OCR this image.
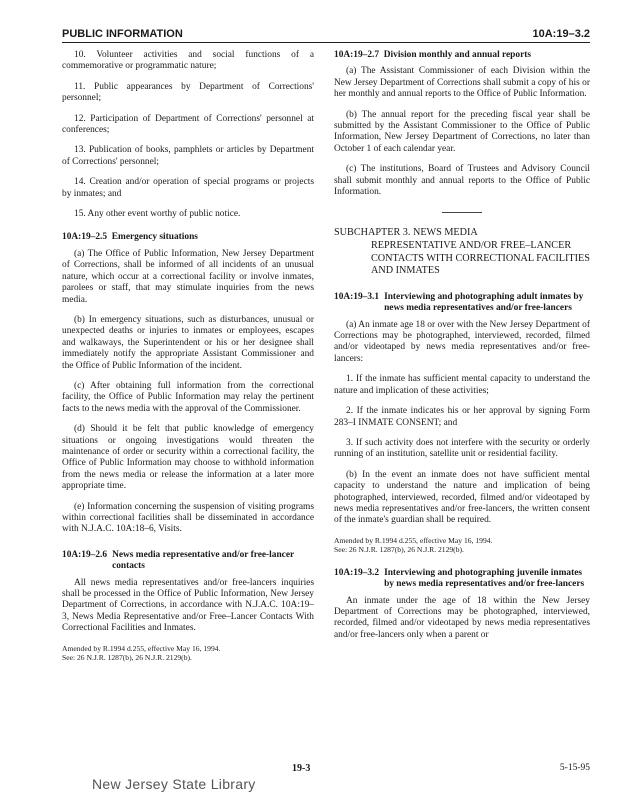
PUBLIC INFORMATION	10A:19–3.2

10. Volunteer activities and social functions of a commemorative or programmatic nature;

11. Public appearances by Department of Corrections' personnel;

12. Participation of Department of Corrections' personnel at conferences;

13. Publication of books, pamphlets or articles by Department of Corrections' personnel;

14. Creation and/or operation of special programs or projects by inmates; and

15. Any other event worthy of public notice.

10A:19–2.5 Emergency situations

(a) The Office of Public Information, New Jersey Department of Corrections, shall be informed of all incidents of an unusual nature, which occur at a correctional facility or involve inmates, parolees or staff, that may stimulate inquiries from the news media.

(b) In emergency situations, such as disturbances, unusual or unexpected deaths or injuries to inmates or employees, escapes and walkaways, the Superintendent or his or her designee shall immediately notify the appropriate Assistant Commissioner and the Office of Public Information of the incident.

(c) After obtaining full information from the correctional facility, the Office of Public Information may relay the pertinent facts to the news media with the approval of the Commissioner.

(d) Should it be felt that public knowledge of emergency situations or ongoing investigations would threaten the maintenance of order or security within a correctional facility, the Office of Public Information may choose to withhold information from the news media or release the information at a later more appropriate time.

(e) Information concerning the suspension of visiting programs within correctional facilities shall be disseminated in accordance with N.J.A.C. 10A:18–6, Visits.

10A:19–2.6 News media representative and/or free-lancer contacts

All news media representatives and/or free-lancers inquiries shall be processed in the Office of Public Information, New Jersey Department of Corrections, in accordance with N.J.A.C. 10A:19–3, News Media Representative and/or Free–Lancer Contacts With Correctional Facilities and Inmates.

Amended by R.1994 d.255, effective May 16, 1994.

See: 26 N.J.R. 1287(b), 26 N.J.R. 2129(b).

10A:19–2.7 Division monthly and annual reports

(a) The Assistant Commissioner of each Division within the New Jersey Department of Corrections shall submit a copy of his or her monthly and annual reports to the Office of Public Information.

(b) The annual report for the preceding fiscal year shall be submitted by the Assistant Commissioner to the Office of Public Information, New Jersey Department of Corrections, no later than October 1 of each calendar year.

(c) The institutions, Board of Trustees and Advisory Council shall submit monthly and annual reports to the Office of Public Information.

SUBCHAPTER 3. NEWS MEDIA
REPRESENTATIVE AND/OR FREE–LANCER CONTACTS WITH CORRECTIONAL FACILITIES AND INMATES
10A:19–3.1 Interviewing and photographing adult inmates by news media representatives and/or free-lancers

(a) An inmate age 18 or over with the New Jersey Department of Corrections may be photographed, interviewed, recorded, filmed and/or videotaped by news media representatives and/or free-lancers:

1. If the inmate has sufficient mental capacity to understand the nature and implication of these activities;

2. If the inmate indicates his or her approval by signing Form 283–I INMATE CONSENT; and

3. If such activity does not interfere with the security or orderly running of an institution, satellite unit or residential facility.

(b) In the event an inmate does not have sufficient mental capacity to understand the nature and implication of being photographed, interviewed, recorded, filmed and/or videotaped by news media representatives and/or free-lancers, the written consent of the inmate's guardian shall be required.

Amended by R.1994 d.255, effective May 16, 1994.

See: 26 N.J.R. 1287(b), 26 N.J.R. 2129(b).

10A:19–3.2 Interviewing and photographing juvenile inmates by news media representatives and/or free-lancers

An inmate under the age of 18 within the New Jersey Department of Corrections may be photographed, interviewed, recorded, filmed and/or videotaped by news media representatives and/or free-lancers only when a parent or

19-3	5-15-95
New Jersey State Library
